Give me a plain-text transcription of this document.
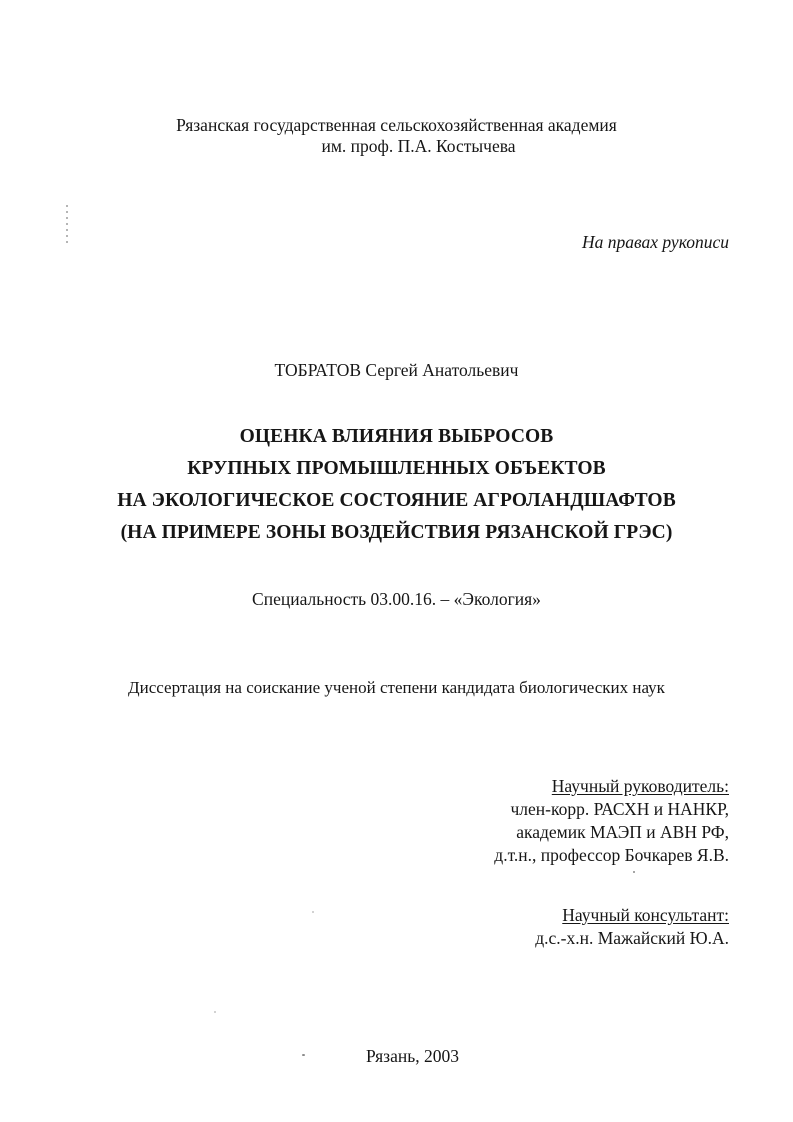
Рязанская государственная сельскохозяйственная академия
им. проф. П.А. Костычева
На правах рукописи
ТОБРАТОВ Сергей Анатольевич
ОЦЕНКА ВЛИЯНИЯ ВЫБРОСОВ
КРУПНЫХ ПРОМЫШЛЕННЫХ ОБЪЕКТОВ
НА ЭКОЛОГИЧЕСКОЕ СОСТОЯНИЕ АГРОЛАНДШАФТОВ
(НА ПРИМЕРЕ ЗОНЫ ВОЗДЕЙСТВИЯ РЯЗАНСКОЙ ГРЭС)
Специальность 03.00.16. – «Экология»
Диссертация на соискание ученой степени кандидата биологических наук
Научный руководитель:
член-корр. РАСХН и НАНКР,
академик МАЭП и АВН РФ,
д.т.н., профессор Бочкарев Я.В.
Научный консультант:
д.с.-х.н. Мажайский Ю.А.
Рязань, 2003
